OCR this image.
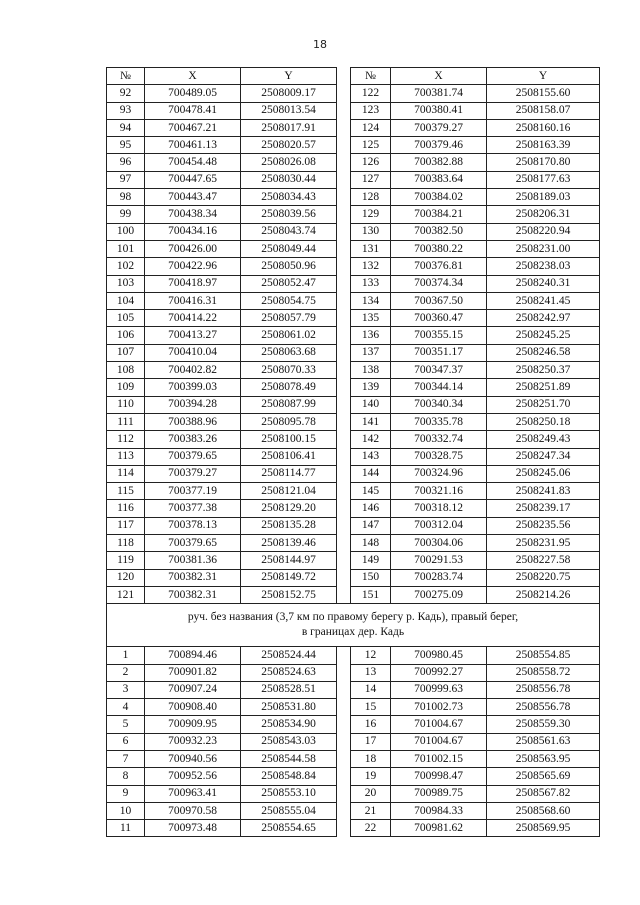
18
№	X	Y		№	X	Y
92	700489.05	2508009.17		122	700381.74	2508155.60
93	700478.41	2508013.54		123	700380.41	2508158.07
94	700467.21	2508017.91		124	700379.27	2508160.16
95	700461.13	2508020.57		125	700379.46	2508163.39
96	700454.48	2508026.08		126	700382.88	2508170.80
97	700447.65	2508030.44		127	700383.64	2508177.63
98	700443.47	2508034.43		128	700384.02	2508189.03
99	700438.34	2508039.56		129	700384.21	2508206.31
100	700434.16	2508043.74		130	700382.50	2508220.94
101	700426.00	2508049.44		131	700380.22	2508231.00
102	700422.96	2508050.96		132	700376.81	2508238.03
103	700418.97	2508052.47		133	700374.34	2508240.31
104	700416.31	2508054.75		134	700367.50	2508241.45
105	700414.22	2508057.79		135	700360.47	2508242.97
106	700413.27	2508061.02		136	700355.15	2508245.25
107	700410.04	2508063.68		137	700351.17	2508246.58
108	700402.82	2508070.33		138	700347.37	2508250.37
109	700399.03	2508078.49		139	700344.14	2508251.89
110	700394.28	2508087.99		140	700340.34	2508251.70
111	700388.96	2508095.78		141	700335.78	2508250.18
112	700383.26	2508100.15		142	700332.74	2508249.43
113	700379.65	2508106.41		143	700328.75	2508247.34
114	700379.27	2508114.77		144	700324.96	2508245.06
115	700377.19	2508121.04		145	700321.16	2508241.83
116	700377.38	2508129.20		146	700318.12	2508239.17
117	700378.13	2508135.28		147	700312.04	2508235.56
118	700379.65	2508139.46		148	700304.06	2508231.95
119	700381.36	2508144.97		149	700291.53	2508227.58
120	700382.31	2508149.72		150	700283.74	2508220.75
121	700382.31	2508152.75		151	700275.09	2508214.26

руч. без названия (3,7 км по правому берегу р. Кадь), правый берег,
в границах дер. Кадь						

1	700894.46	2508524.44		12	700980.45	2508554.85
2	700901.82	2508524.63		13	700992.27	2508558.72
3	700907.24	2508528.51		14	700999.63	2508556.78
4	700908.40	2508531.80		15	701002.73	2508556.78
5	700909.95	2508534.90		16	701004.67	2508559.30
6	700932.23	2508543.03		17	701004.67	2508561.63
7	700940.56	2508544.58		18	701002.15	2508563.95
8	700952.56	2508548.84		19	700998.47	2508565.69
9	700963.41	2508553.10		20	700989.75	2508567.82
10	700970.58	2508555.04		21	700984.33	2508568.60
11	700973.48	2508554.65		22	700981.62	2508569.95
